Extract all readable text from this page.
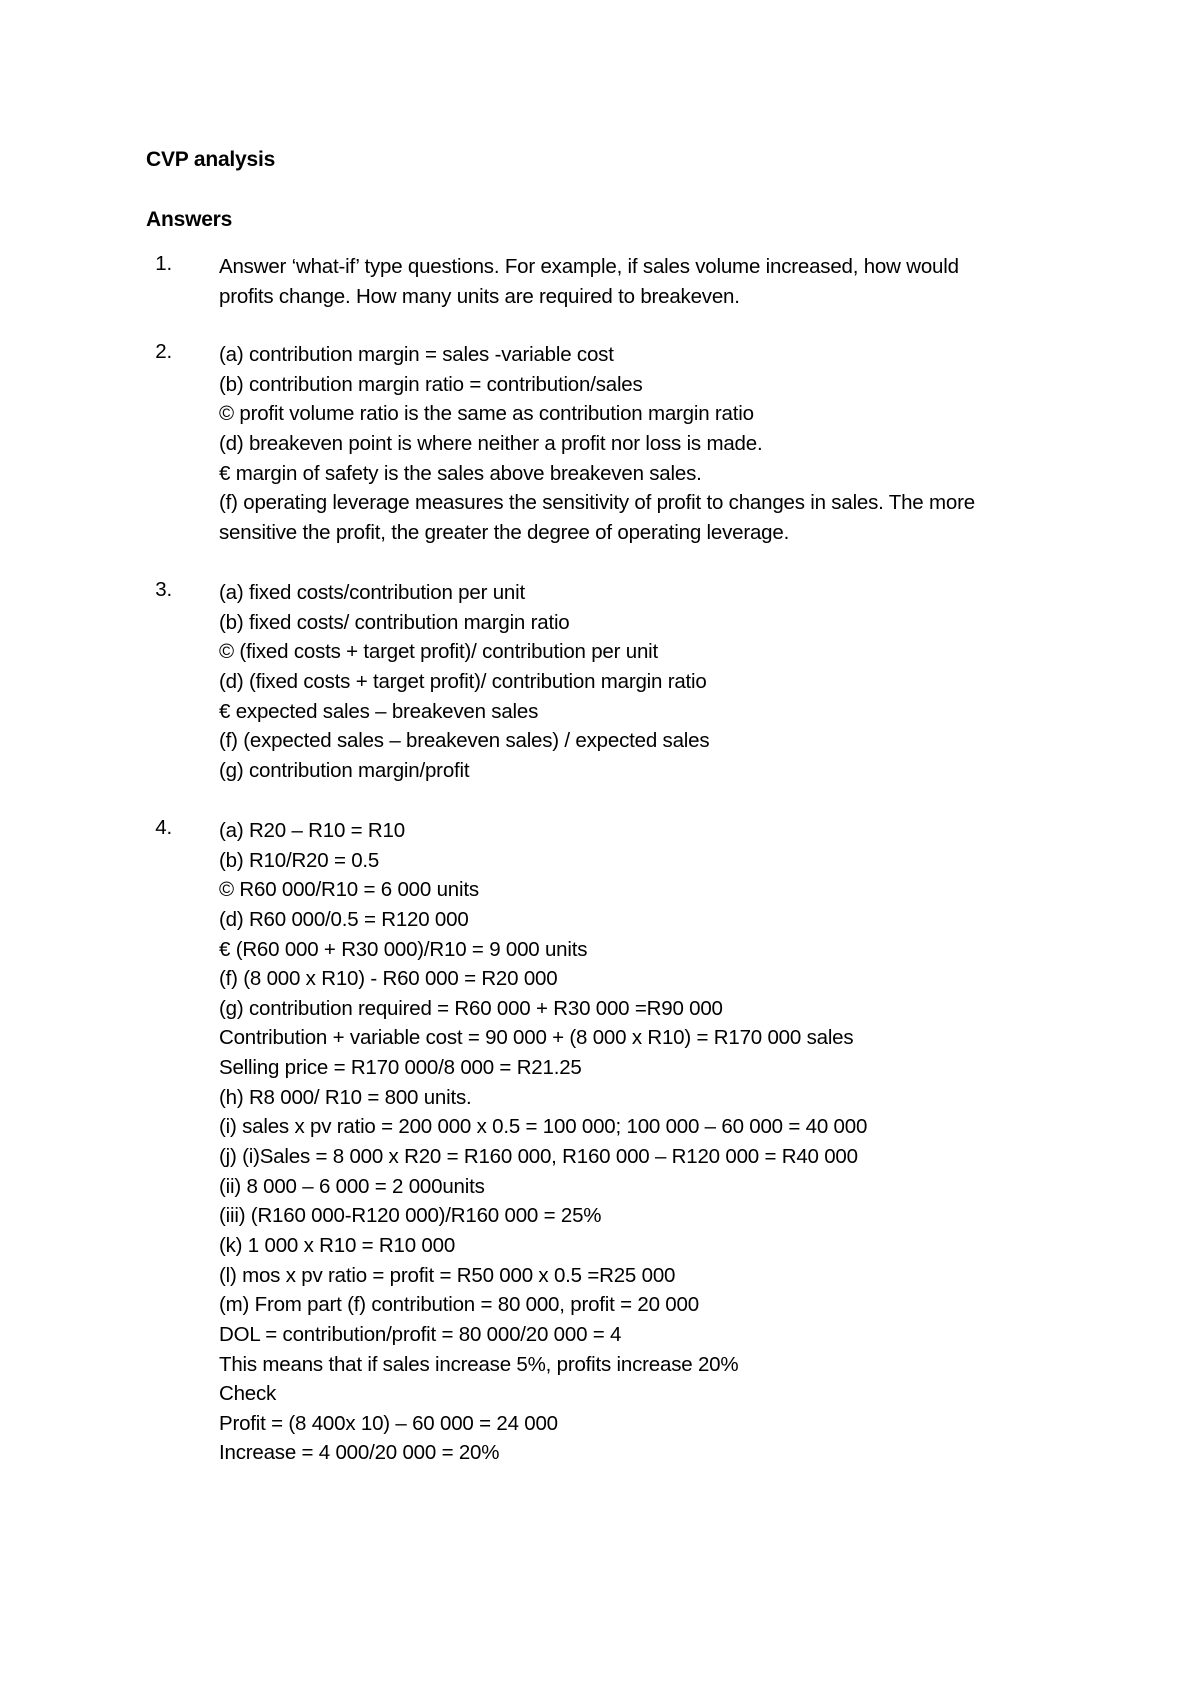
CVP analysis
Answers
1. Answer ‘what-if’ type questions. For example, if sales volume increased, how would
profits change. How many units are required to breakeven.
2. (a) contribution margin = sales -variable cost
(b) contribution margin ratio = contribution/sales
© profit volume ratio is the same as contribution margin ratio
(d) breakeven point is where neither a profit nor loss is made.
€ margin of safety is the sales above breakeven sales.
(f) operating leverage measures the sensitivity of profit to changes in sales. The more
sensitive the profit, the greater the degree of operating leverage.
3. (a) fixed costs/contribution per unit
(b) fixed costs/ contribution margin ratio
© (fixed costs + target profit)/ contribution per unit
(d) (fixed costs + target profit)/ contribution margin ratio
€ expected sales – breakeven sales
(f) (expected sales – breakeven sales) / expected sales
(g) contribution margin/profit
4. (a) R20 – R10 = R10
(b) R10/R20 = 0.5
© R60 000/R10 = 6 000 units
(d) R60 000/0.5 = R120 000
€ (R60 000 + R30 000)/R10 = 9 000 units
(f) (8 000 x R10) - R60 000 = R20 000
(g) contribution required = R60 000 + R30 000 =R90 000
Contribution + variable cost = 90 000 + (8 000 x R10) = R170 000 sales
Selling price = R170 000/8 000 = R21.25
(h) R8 000/ R10 = 800 units.
(i) sales x pv ratio = 200 000 x 0.5 = 100 000; 100 000 – 60 000 = 40 000
(j) (i)Sales = 8 000 x R20 = R160 000, R160 000 – R120 000 = R40 000
(ii) 8 000 – 6 000 = 2 000units
(iii) (R160 000-R120 000)/R160 000 = 25%
(k) 1 000 x R10 = R10 000
(l) mos x pv ratio = profit = R50 000 x 0.5 =R25 000
(m) From part (f) contribution = 80 000, profit = 20 000
DOL = contribution/profit = 80 000/20 000 = 4
This means that if sales increase 5%, profits increase 20%
Check
Profit = (8 400x 10) – 60 000 = 24 000
Increase = 4 000/20 000 = 20%
